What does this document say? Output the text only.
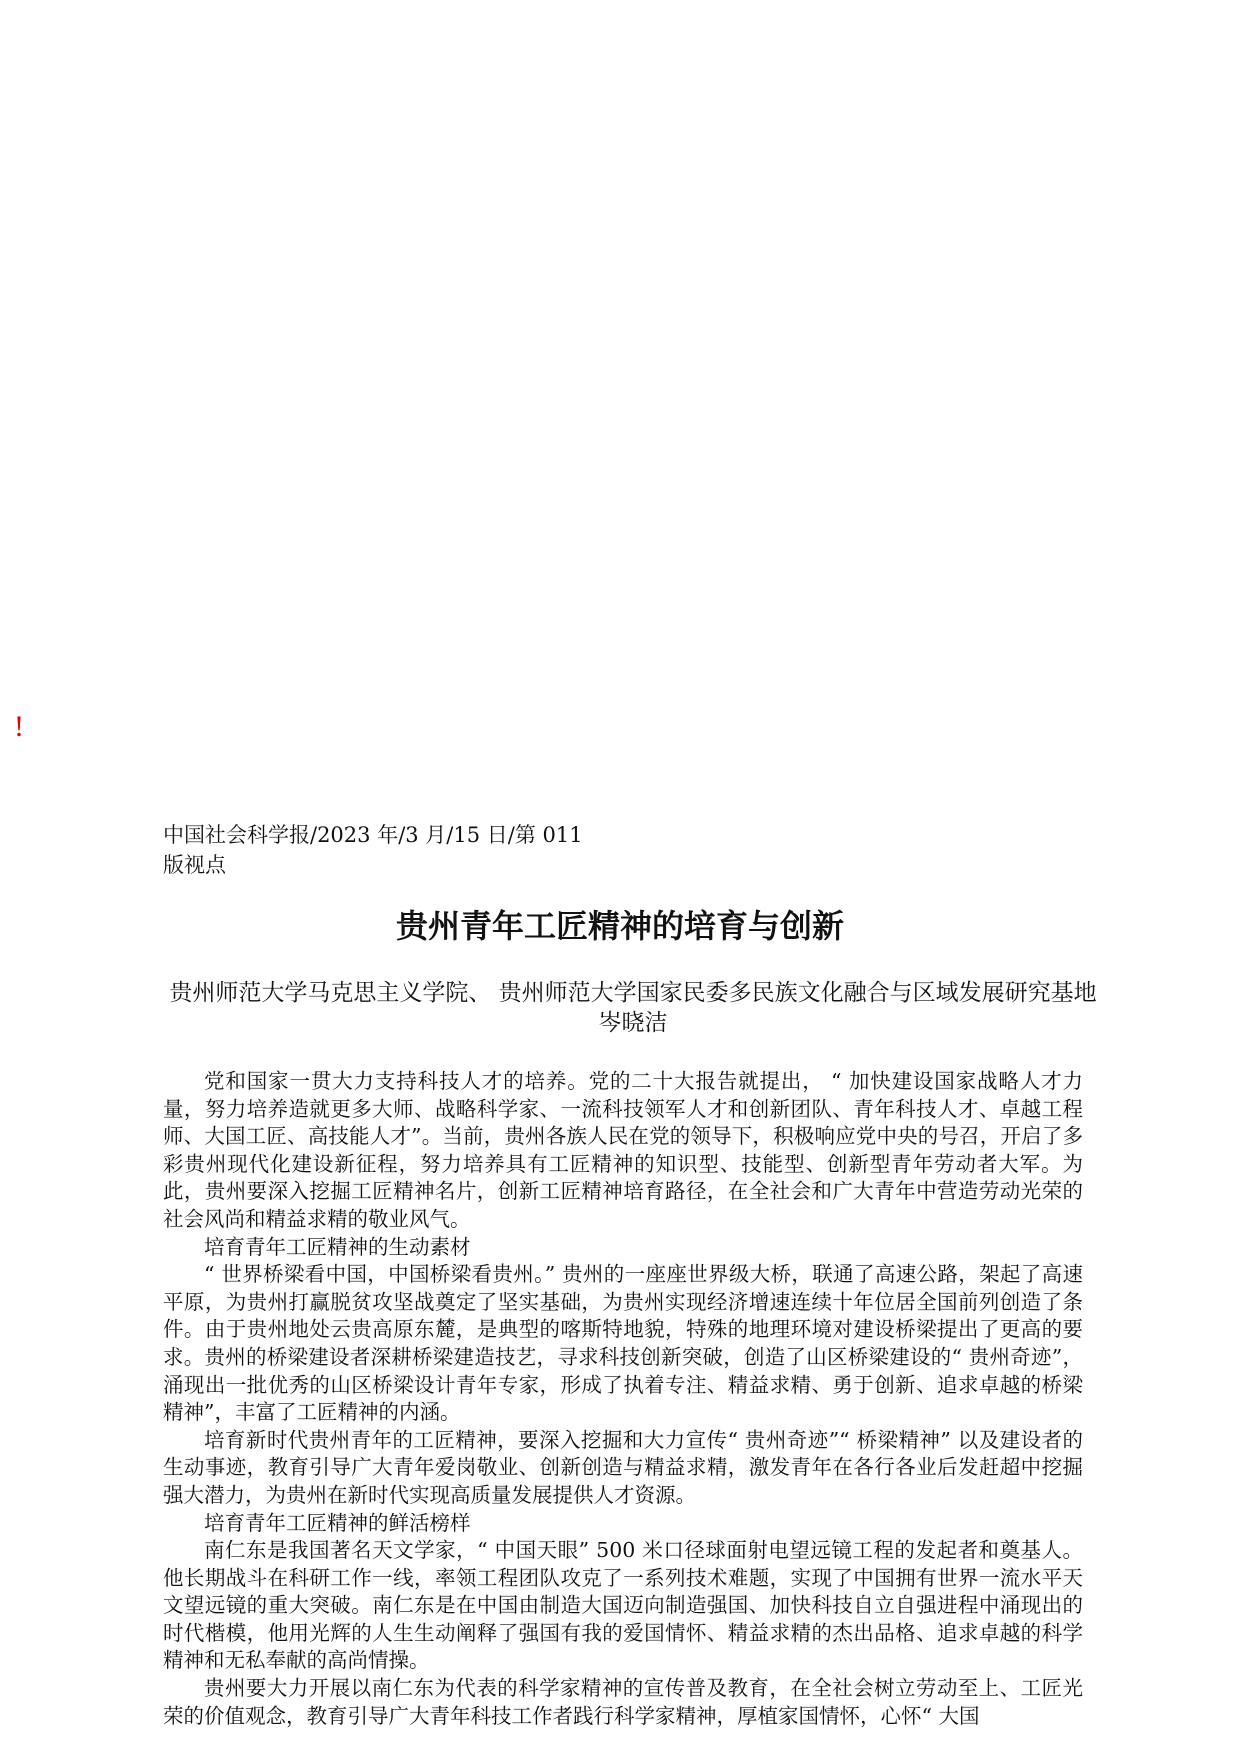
!
中国社会科学报/2023 年/3 月/15 日/第 011
版视点
贵州青年工匠精神的培育与创新
贵州师范大学马克思主义学院、 贵州师范大学国家民委多民族文化融合与区域发展研究基地 岑晓洁

党和国家一贯大力支持科技人才的培养。党的二十大报告就提出， “ 加快建设国家战略人才力量，努力培养造就更多大师、战略科学家、一流科技领军人才和创新团队、青年科技人才、卓越工程师、大国工匠、高技能人才”。当前，贵州各族人民在党的领导下，积极响应党中央的号召，开启了多彩贵州现代化建设新征程，努力培养具有工匠精神的知识型、技能型、创新型青年劳动者大军。为此，贵州要深入挖掘工匠精神名片，创新工匠精神培育路径，在全社会和广大青年中营造劳动光荣的社会风尚和精益求精的敬业风气。

培育青年工匠精神的生动素材

“ 世界桥梁看中国，中国桥梁看贵州。” 贵州的一座座世界级大桥，联通了高速公路，架起了高速平原，为贵州打赢脱贫攻坚战奠定了坚实基础，为贵州实现经济增速连续十年位居全国前列创造了条件。由于贵州地处云贵高原东麓，是典型的喀斯特地貌，特殊的地理环境对建设桥梁提出了更高的要求。贵州的桥梁建设者深耕桥梁建造技艺，寻求科技创新突破，创造了山区桥梁建设的“ 贵州奇迹”，涌现出一批优秀的山区桥梁设计青年专家，形成了执着专注、精益求精、勇于创新、追求卓越的桥梁精神”，丰富了工匠精神的内涵。

培育新时代贵州青年的工匠精神，要深入挖掘和大力宣传“ 贵州奇迹”“ 桥梁精神” 以及建设者的生动事迹，教育引导广大青年爱岗敬业、创新创造与精益求精，激发青年在各行各业后发赶超中挖掘强大潜力，为贵州在新时代实现高质量发展提供人才资源。

培育青年工匠精神的鲜活榜样

南仁东是我国著名天文学家，“ 中国天眼” 500 米口径球面射电望远镜工程的发起者和奠基人。他长期战斗在科研工作一线，率领工程团队攻克了一系列技术难题，实现了中国拥有世界一流水平天文望远镜的重大突破。南仁东是在中国由制造大国迈向制造强国、加快科技自立自强进程中涌现出的时代楷模，他用光辉的人生生动阐释了强国有我的爱国情怀、精益求精的杰出品格、追求卓越的科学精神和无私奉献的高尚情操。

贵州要大力开展以南仁东为代表的科学家精神的宣传普及教育，在全社会树立劳动至上、工匠光荣的价值观念，教育引导广大青年科技工作者践行科学家精神，厚植家国情怀，心怀“ 大国
